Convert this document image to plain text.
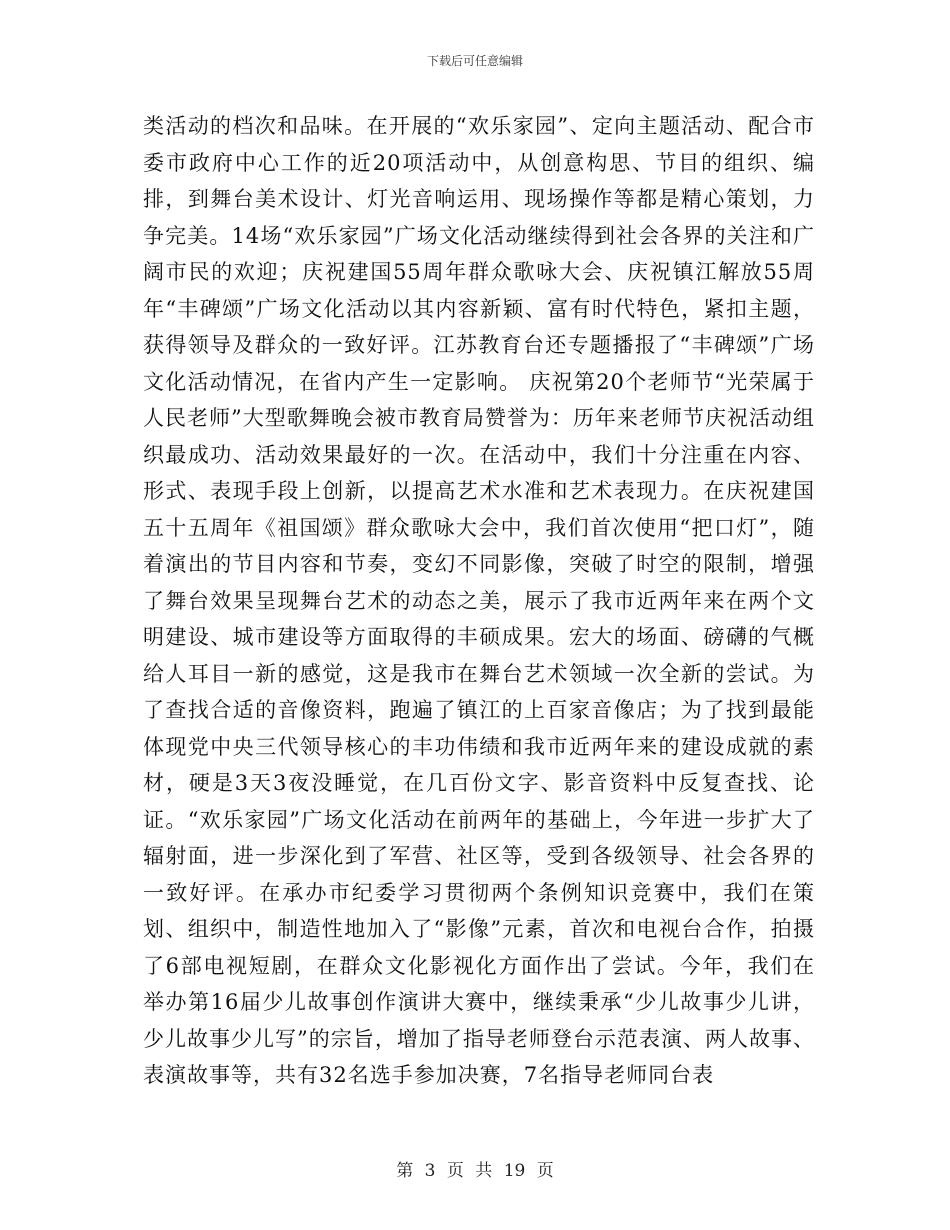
下载后可任意编辑

类活动的档次和品味。在开展的“欢乐家园”、定向主题活动、配合市委市政府中心工作的近20项活动中，从创意构思、节目的组织、编排，到舞台美术设计、灯光音响运用、现场操作等都是精心策划，力争完美。14场“欢乐家园”广场文化活动继续得到社会各界的关注和广阔市民的欢迎；庆祝建国55周年群众歌咏大会、庆祝镇江解放55周年“丰碑颂”广场文化活动以其内容新颖、富有时代特色，紧扣主题，获得领导及群众的一致好评。江苏教育台还专题播报了“丰碑颂”广场文化活动情况，在省内产生一定影响。 庆祝第20个老师节“光荣属于人民老师”大型歌舞晚会被市教育局赞誉为：历年来老师节庆祝活动组织最成功、活动效果最好的一次。在活动中，我们十分注重在内容、形式、表现手段上创新，以提高艺术水准和艺术表现力。在庆祝建国五十五周年《祖国颂》群众歌咏大会中，我们首次使用“把口灯”，随着演出的节目内容和节奏，变幻不同影像，突破了时空的限制，增强了舞台效果呈现舞台艺术的动态之美，展示了我市近两年来在两个文明建设、城市建设等方面取得的丰硕成果。宏大的场面、磅礴的气概给人耳目一新的感觉，这是我市在舞台艺术领域一次全新的尝试。为了查找合适的音像资料，跑遍了镇江的上百家音像店；为了找到最能体现党中央三代领导核心的丰功伟绩和我市近两年来的建设成就的素材，硬是3天3夜没睡觉，在几百份文字、影音资料中反复查找、论证。“欢乐家园”广场文化活动在前两年的基础上，今年进一步扩大了辐射面，进一步深化到了军营、社区等，受到各级领导、社会各界的一致好评。在承办市纪委学习贯彻两个条例知识竞赛中，我们在策划、组织中，制造性地加入了“影像”元素，首次和电视台合作，拍摄了6部电视短剧，在群众文化影视化方面作出了尝试。今年，我们在举办第16届少儿故事创作演讲大赛中，继续秉承“少儿故事少儿讲，少儿故事少儿写”的宗旨，增加了指导老师登台示范表演、两人故事、表演故事等，共有32名选手参加决赛，7名指导老师同台表

第 3 页 共 19 页
